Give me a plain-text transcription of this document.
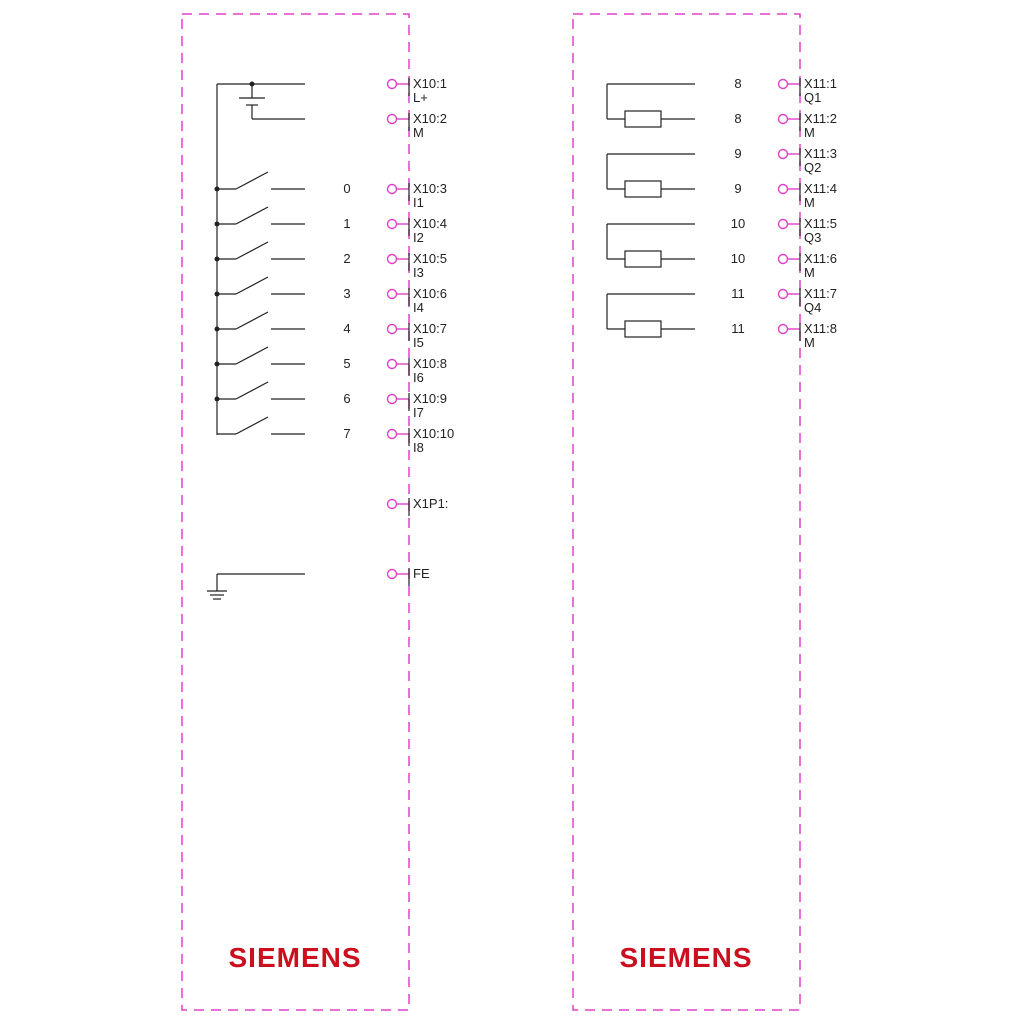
SIEMENS	SIEMENS
X10:1
L+
X10:2
M
0	X10:3
I1
1	X10:4
I2
2	X10:5
I3
3	X10:6
I4
4	X10:7
I5
5	X10:8
I6
6	X10:9
I7
7	X10:10
I8
X1P1:
FE
8	X11:1
Q1
8	X11:2
M
9	X11:3
Q2
9	X11:4
M
10	X11:5
Q3
10	X11:6
M
11	X11:7
Q4
11	X11:8
M
